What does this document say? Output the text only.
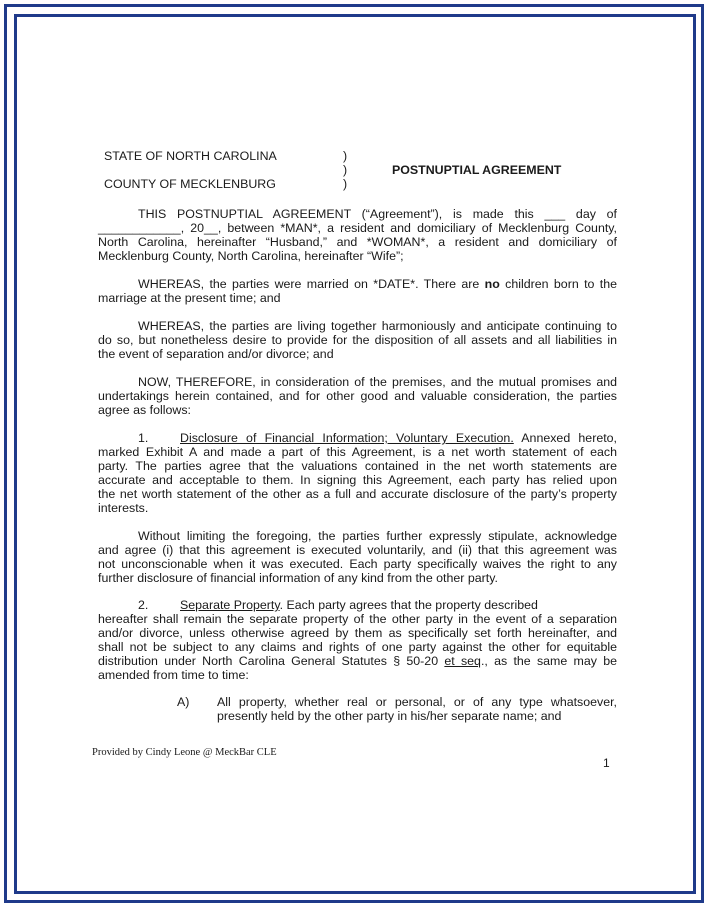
STATE OF NORTH CAROLINA
COUNTY OF MECKLENBURG
)
)
)
POSTNUPTIAL AGREEMENT
THIS POSTNUPTIAL AGREEMENT (“Agreement”), is made this ___ day of
____________, 20__, between *MAN*, a resident and domiciliary of Mecklenburg County,
North Carolina, hereinafter “Husband,” and *WOMAN*, a resident and domiciliary of
Mecklenburg County, North Carolina, hereinafter “Wife”;
WHEREAS, the parties were married on *DATE*. There are no children born to the
marriage at the present time; and
WHEREAS, the parties are living together harmoniously and anticipate continuing to
do so, but nonetheless desire to provide for the disposition of all assets and all liabilities in
the event of separation and/or divorce; and
NOW, THEREFORE, in consideration of the premises, and the mutual promises and
undertakings herein contained, and for other good and valuable consideration, the parties
agree as follows:
1.	Disclosure of Financial Information; Voluntary Execution. Annexed hereto,
marked Exhibit A and made a part of this Agreement, is a net worth statement of each
party. The parties agree that the valuations contained in the net worth statements are
accurate and acceptable to them. In signing this Agreement, each party has relied upon
the net worth statement of the other as a full and accurate disclosure of the party’s property
interests.
Without limiting the foregoing, the parties further expressly stipulate, acknowledge
and agree (i) that this agreement is executed voluntarily, and (ii) that this agreement was
not unconscionable when it was executed. Each party specifically waives the right to any
further disclosure of financial information of any kind from the other party.
2.	Separate Property. Each party agrees that the property described
hereafter shall remain the separate property of the other party in the event of a separation
and/or divorce, unless otherwise agreed by them as specifically set forth hereinafter, and
shall not be subject to any claims and rights of one party against the other for equitable
distribution under North Carolina General Statutes § 50-20 et seq., as the same may be
amended from time to time:
A) All property, whether real or personal, or of any type whatsoever,
presently held by the other party in his/her separate name; and
Provided by Cindy Leone @ MeckBar CLE
1
